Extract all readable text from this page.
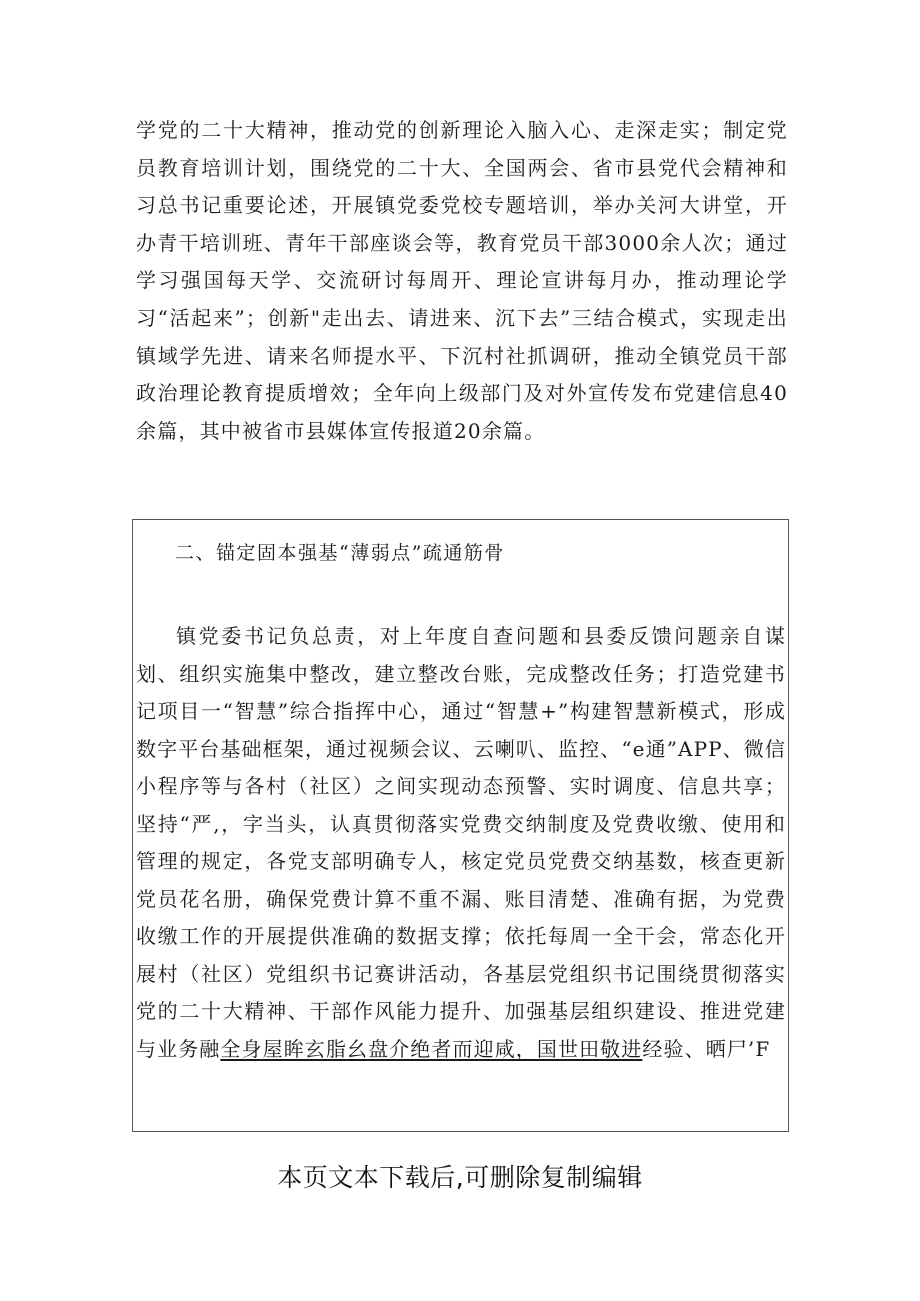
学党的二十大精神，推动党的创新理论入脑入心、走深走实；制定党员教育培训计划，围绕党的二十大、全国两会、省市县党代会精神和习总书记重要论述，开展镇党委党校专题培训，举办关河大讲堂，开办青干培训班、青年干部座谈会等，教育党员干部3000余人次；通过学习强国每天学、交流研讨每周开、理论宣讲每月办，推动理论学习“活起来”；创新"走出去、请进来、沉下去”三结合模式，实现走出镇域学先进、请来名师提水平、下沉村社抓调研，推动全镇党员干部政治理论教育提质增效；全年向上级部门及对外宣传发布党建信息40余篇，其中被省市县媒体宣传报道20余篇。

二、锚定固本强基“薄弱点”疏通筋骨

镇党委书记负总责，对上年度自查问题和县委反馈问题亲自谋划、组织实施集中整改，建立整改台账，完成整改任务；打造党建书记项目一“智慧”综合指挥中心，通过“智慧+”构建智慧新模式，形成数字平台基础框架，通过视频会议、云喇叭、监控、“e通”APP、微信小程序等与各村（社区）之间实现动态预警、实时调度、信息共享；坚持“严,，字当头，认真贯彻落实党费交纳制度及党费收缴、使用和管理的规定，各党支部明确专人，核定党员党费交纳基数，核查更新党员花名册，确保党费计算不重不漏、账目清楚、准确有据，为党费收缴工作的开展提供准确的数据支撑；依托每周一全干会，常态化开展村（社区）党组织书记赛讲活动，各基层党组织书记围绕贯彻落实党的二十大精神、干部作风能力提升、加强基层组织建设、推进党建与业务融全身屋眸玄脂幺盘介绝者而迎咸，国世田敬进经验、晒尸’F

本页文本下载后,可删除复制编辑
